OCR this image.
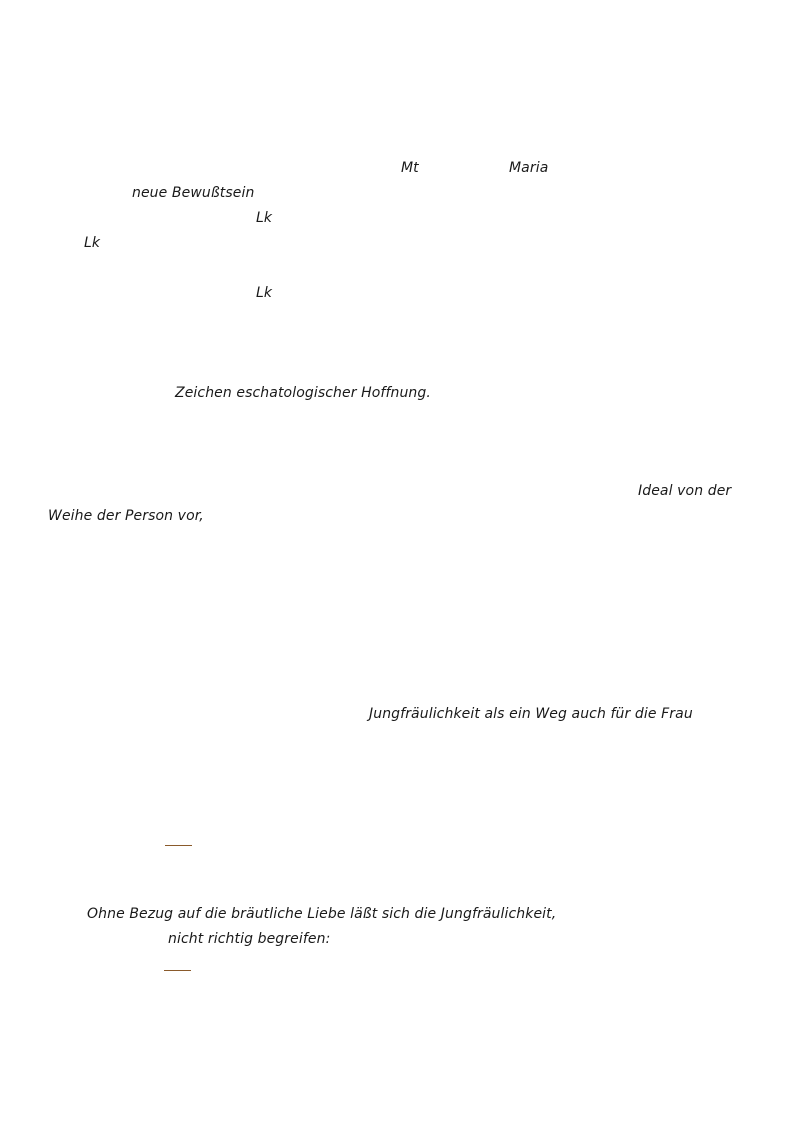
Mt	Maria
neue Bewußtsein
Lk
Lk
Lk
Zeichen eschatologischer Hoffnung.
Ideal von der
Weihe der Person vor,
Jungfräulichkeit als ein Weg auch für die Frau
Ohne Bezug auf die bräutliche Liebe läßt sich die Jungfräulichkeit,
nicht richtig begreifen:
